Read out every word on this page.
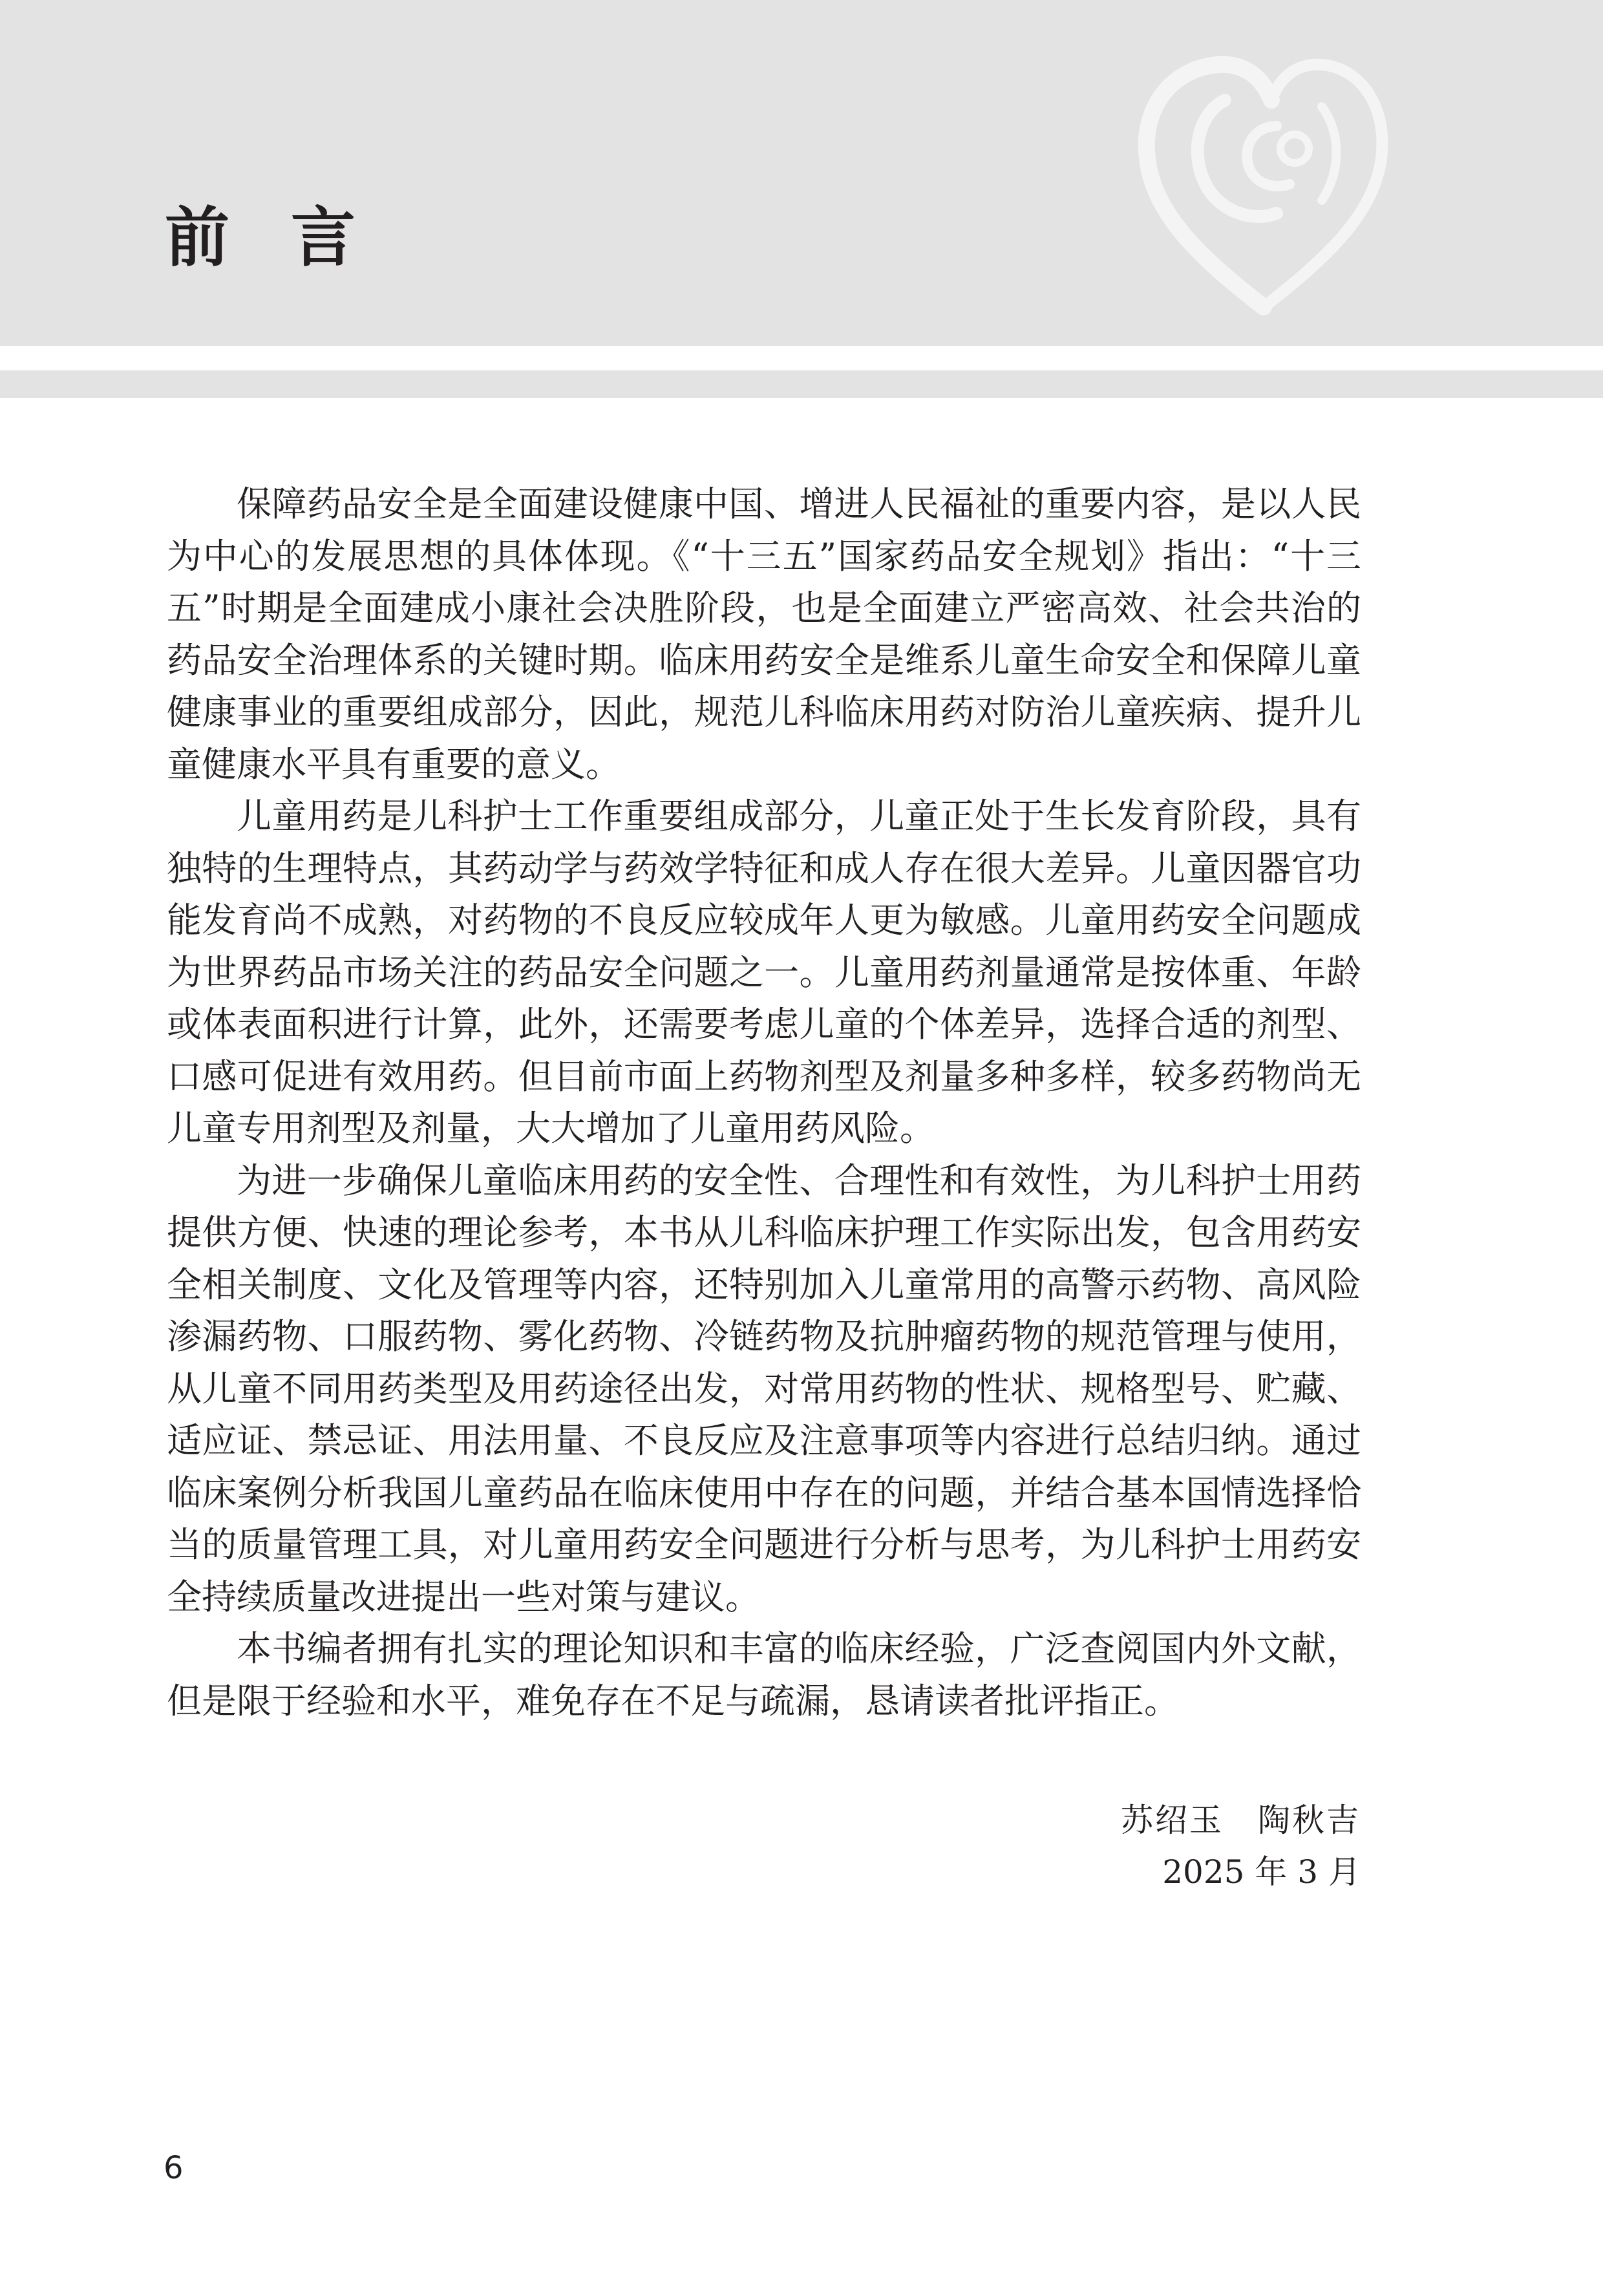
前言

保障药品安全是全面建设健康中国、增进人民福祉的重要内容，是以人民为中心的发展思想的具体体现。《“十三五”国家药品安全规划》指出：“十三五”时期是全面建成小康社会决胜阶段，也是全面建立严密高效、社会共治的药品安全治理体系的关键时期。临床用药安全是维系儿童生命安全和保障儿童健康事业的重要组成部分，因此，规范儿科临床用药对防治儿童疾病、提升儿童健康水平具有重要的意义。

儿童用药是儿科护士工作重要组成部分，儿童正处于生长发育阶段，具有独特的生理特点，其药动学与药效学特征和成人存在很大差异。儿童因器官功能发育尚不成熟，对药物的不良反应较成年人更为敏感。儿童用药安全问题成为世界药品市场关注的药品安全问题之一。儿童用药剂量通常是按体重、年龄或体表面积进行计算，此外，还需要考虑儿童的个体差异，选择合适的剂型、口感可促进有效用药。但目前市面上药物剂型及剂量多种多样，较多药物尚无儿童专用剂型及剂量，大大增加了儿童用药风险。

为进一步确保儿童临床用药的安全性、合理性和有效性，为儿科护士用药提供方便、快速的理论参考，本书从儿科临床护理工作实际出发，包含用药安全相关制度、文化及管理等内容，还特别加入儿童常用的高警示药物、高风险渗漏药物、口服药物、雾化药物、冷链药物及抗肿瘤药物的规范管理与使用，从儿童不同用药类型及用药途径出发，对常用药物的性状、规格型号、贮藏、适应证、禁忌证、用法用量、不良反应及注意事项等内容进行总结归纳。通过临床案例分析我国儿童药品在临床使用中存在的问题，并结合基本国情选择恰当的质量管理工具，对儿童用药安全问题进行分析与思考，为儿科护士用药安全持续质量改进提出一些对策与建议。

本书编者拥有扎实的理论知识和丰富的临床经验，广泛查阅国内外文献，但是限于经验和水平，难免存在不足与疏漏，恳请读者批评指正。

苏绍玉　陶秋吉
2025 年 3 月
6
